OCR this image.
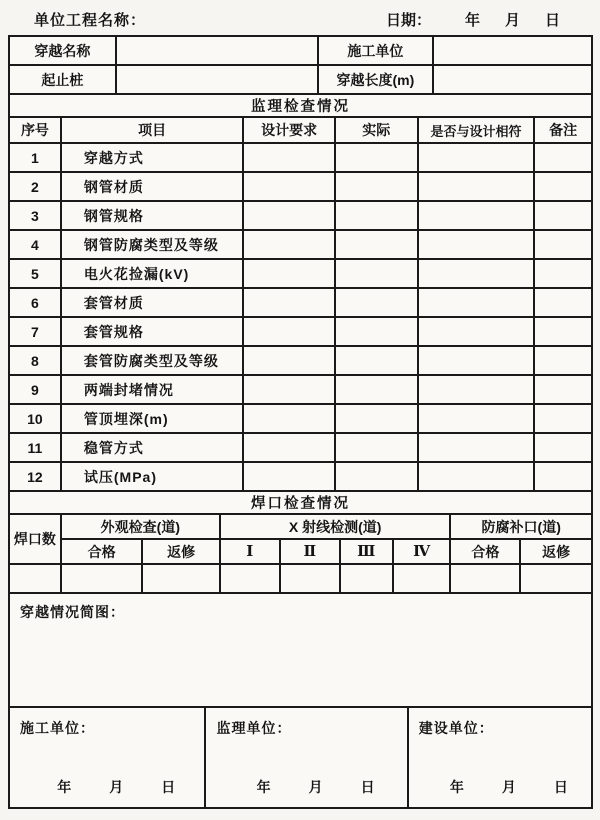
单位工程名称：	日期： 年	月	日
穿越名称		施工单位	
起止桩		穿越长度(m)	
监理检查情况
序号	项目	设计要求	实际	是否与设计相符	备注
1	穿越方式				
2	钢管材质				
3	钢管规格				
4	钢管防腐类型及等级				
5	电火花捡漏(kV)				
6	套管材质				
7	套管规格				
8	套管防腐类型及等级				
9	两端封堵情况				
10	管顶埋深(m)				
11	稳管方式				
12	试压(MPa)				
焊口检查情况
焊口数	外观检查(道)		X 射线检测(道)				防腐补口(道)	
	合格	返修	Ⅰ	Ⅱ	Ⅲ	Ⅳ	合格	返修

穿越情况简图：
施工单位：
年	月	日

监理单位：
年	月	日

建设单位：
年	月	日
